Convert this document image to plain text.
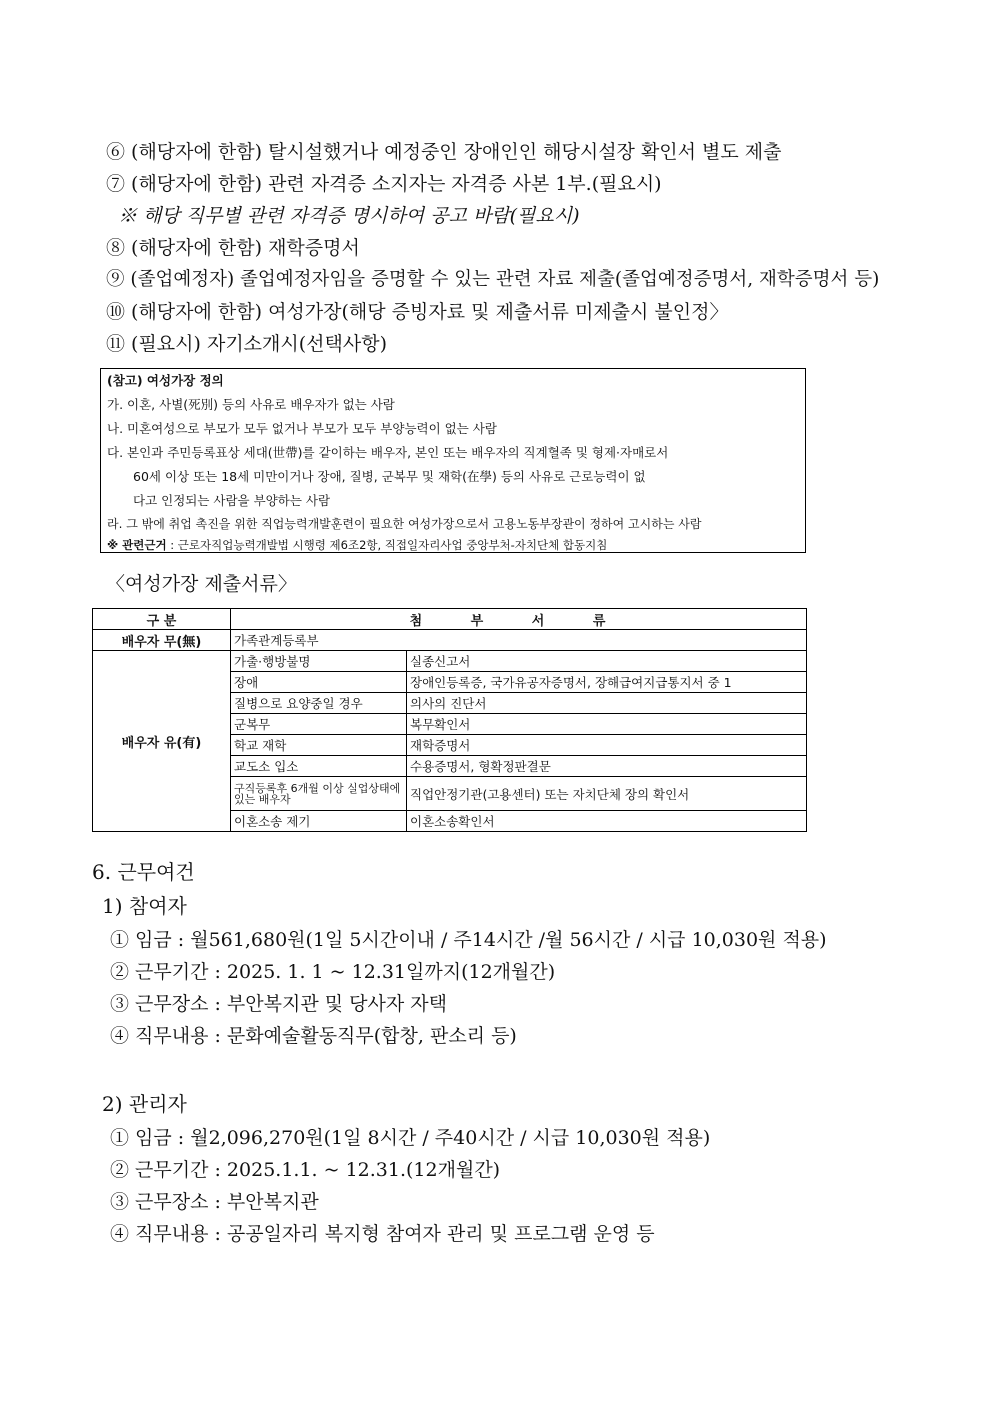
⑥ (해당자에 한함) 탈시설했거나 예정중인 장애인인 해당시설장 확인서 별도 제출
⑦ (해당자에 한함) 관련 자격증 소지자는 자격증 사본 1부.(필요시)
※ 해당 직무별 관련 자격증 명시하여 공고 바람(필요시)
⑧ (해당자에 한함) 재학증명서
⑨ (졸업예정자) 졸업예정자임을 증명할 수 있는 관련 자료 제출(졸업예정증명서, 재학증명서 등)
⑩ (해당자에 한함) 여성가장(해당 증빙자료 및 제출서류 미제출시 불인정〉
⑪ (필요시) 자기소개시(선택사항)
(참고) 여성가장 정의
가. 이혼, 사별(死別) 등의 사유로 배우자가 없는 사람
나. 미혼여성으로 부모가 모두 없거나 부모가 모두 부양능력이 없는 사람
다. 본인과 주민등록표상 세대(世帶)를 같이하는 배우자, 본인 또는 배우자의 직계혈족 및 형제·자매로서
60세 이상 또는 18세 미만이거나 장애, 질병, 군복무 및 재학(在學) 등의 사유로 근로능력이 없
다고 인정되는 사람을 부양하는 사람
라. 그 밖에 취업 촉진을 위한 직업능력개발훈련이 필요한 여성가장으로서 고용노동부장관이 정하여 고시하는 사람
※ 관련근거 : 근로자직업능력개발법 시행령 제6조2항, 직접일자리사업 중앙부처-자치단체 합동지침
〈여성가장 제출서류〉
구 분	첨 부 서 류	
배우자 무(無)	가족관계등록부	
배우자 유(有)	가출·행방불명	실종신고서
	장애	장애인등록증, 국가유공자증명서, 장해급여지급통지서 중 1
	질병으로 요양중일 경우	의사의 진단서
	군복무	복무확인서
	학교 재학	재학증명서
	교도소 입소	수용증명서, 형확정판결문
	구직등록후 6개월 이상 실업상태에 있는 배우자	직업안정기관(고용센터) 또는 자치단체 장의 확인서
	이혼소송 제기	이혼소송확인서
6. 근무여건
1) 참여자
① 임금 : 월561,680원(1일 5시간이내 / 주14시간 /월 56시간 / 시급 10,030원 적용)
② 근무기간 : 2025. 1. 1 ~ 12.31일까지(12개월간)
③ 근무장소 : 부안복지관 및 당사자 자택
④ 직무내용 : 문화예술활동직무(합창, 판소리 등)
2) 관리자
① 임금 : 월2,096,270원(1일 8시간 / 주40시간 / 시급 10,030원 적용)
② 근무기간 : 2025.1.1. ~ 12.31.(12개월간)
③ 근무장소 : 부안복지관
④ 직무내용 : 공공일자리 복지형 참여자 관리 및 프로그램 운영 등
